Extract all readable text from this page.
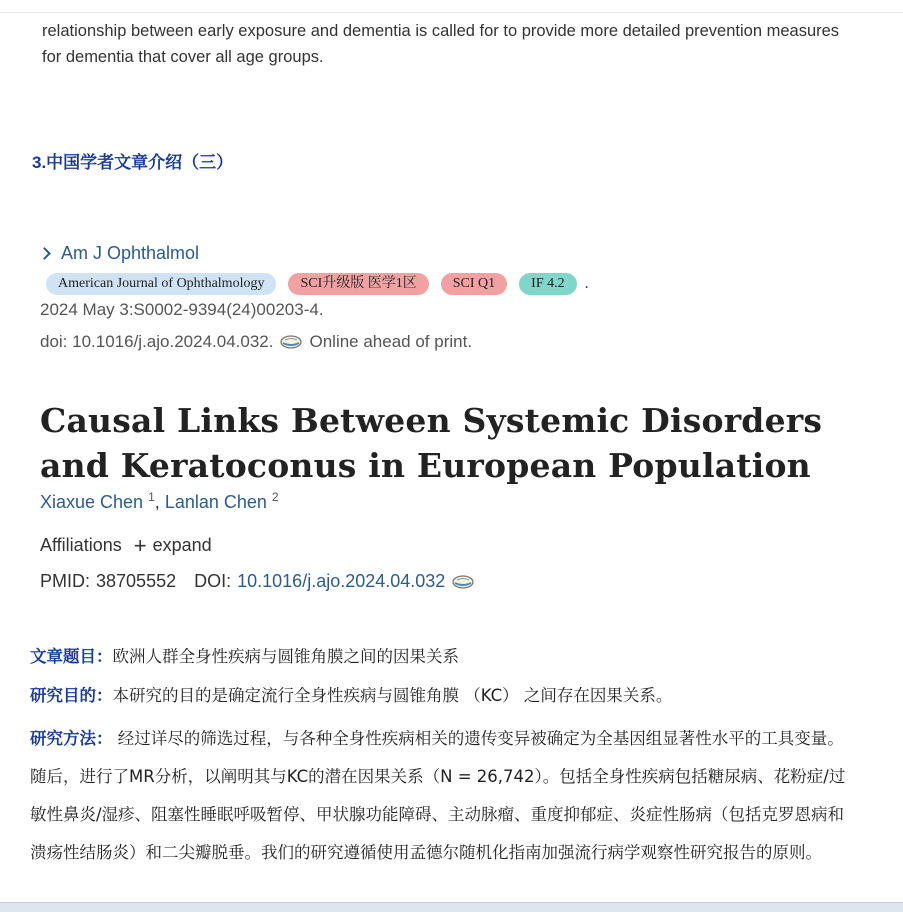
relationship between early exposure and dementia is called for to provide more detailed prevention measures for dementia that cover all age groups.
3.中国学者文章介绍（三）
Am J Ophthalmol
American Journal of Ophthalmology	SCI升级版 医学1区	SCI Q1	IF 4.2	.
2024 May 3:S0002-9394(24)00203-4.
doi: 10.1016/j.ajo.2024.04.032. Online ahead of print.
Causal Links Between Systemic Disorders and Keratoconus in European Population
Xiaxue Chen $^1$, Lanlan Chen $^2$
Affiliations + expand
PMID: 38705552 DOI: 10.1016/j.ajo.2024.04.032
文章题目：欧洲人群全身性疾病与圆锥角膜之间的因果关系
研究目的：本研究的目的是确定流行全身性疾病与圆锥角膜 （KC） 之间存在因果关系。
研究方法： 经过详尽的筛选过程，与各种全身性疾病相关的遗传变异被确定为全基因组显著性水平的工具变量。随后，进行了MR分析，以阐明其与KC的潜在因果关系（N = 26,742）。包括全身性疾病包括糖尿病、花粉症/过敏性鼻炎/湿疹、阻塞性睡眠呼吸暂停、甲状腺功能障碍、主动脉瘤、重度抑郁症、炎症性肠病（包括克罗恩病和溃疡性结肠炎）和二尖瓣脱垂。我们的研究遵循使用孟德尔随机化指南加强流行病学观察性研究报告的原则。
